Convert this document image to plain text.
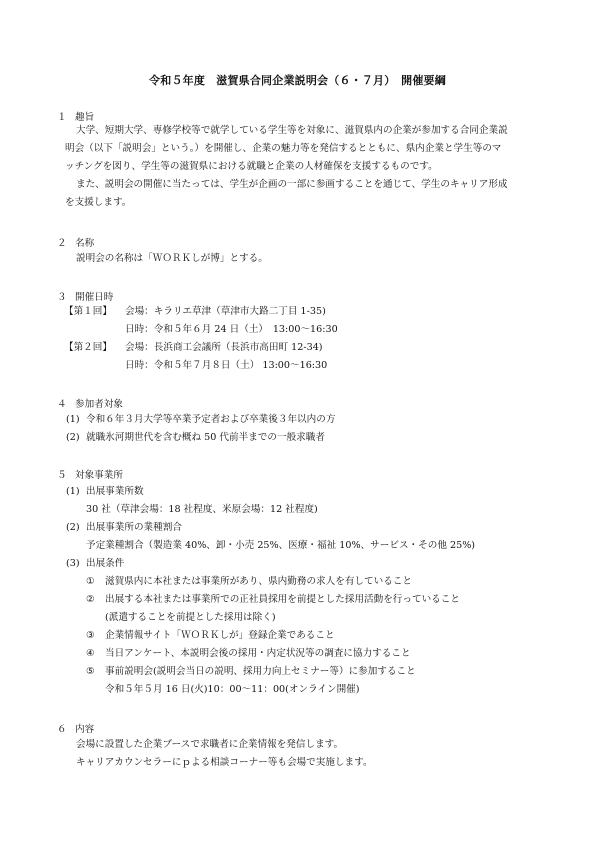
令和５年度　滋賀県合同企業説明会（６・７月）　開催要綱
１ 趣旨
大学、短期大学、専修学校等で就学している学生等を対象に、滋賀県内の企業が参加する合同企業説
明会（以下「説明会」という。）を開催し、企業の魅力等を発信するとともに、県内企業と学生等のマ
ッチングを図り、学生等の滋賀県における就職と企業の人材確保を支援するものです。
また、説明会の開催に当たっては、学生が企画の一部に参画することを通じて、学生のキャリア形成
を支援します。
２ 名称
説明会の名称は「ＷＯＲＫしが博」とする。
３ 開催日時
【第１回】 会場：キラリエ草津（草津市大路二丁目 1-35)
日時：令和５年６月 24 日（土）　13:00～16:30
【第２回】 会場：長浜商工会議所（長浜市高田町 12-34)
日時：令和５年７月８日（土） 13:00～16:30
４ 参加者対象
(1) 令和６年３月大学等卒業予定者および卒業後３年以内の方
(2) 就職氷河期世代を含む概ね 50 代前半までの一般求職者
５ 対象事業所
(1) 出展事業所数
30 社（草津会場：18 社程度、米原会場：12 社程度)
(2) 出展事業所の業種割合
予定業種割合（製造業 40%、卸・小売 25%、医療・福祉 10%、サービス・その他 25%)
(3) 出展条件
① 滋賀県内に本社または事業所があり、県内勤務の求人を有していること
② 出展する本社または事業所での正社員採用を前提とした採用活動を行っていること
(派遣することを前提とした採用は除く)
③ 企業情報サイト「ＷＯＲＫしが」登録企業であること
④ 当日アンケート、本説明会後の採用・内定状況等の調査に協力すること
⑤ 事前説明会(説明会当日の説明、採用力向上セミナー等）に参加すること
令和５年５月 16 日(火)10：00～11：00(オンライン開催)
６ 内容
会場に設置した企業ブースで求職者に企業情報を発信します。
キャリアカウンセラーにｐよる相談コーナー等も会場で実施します。
